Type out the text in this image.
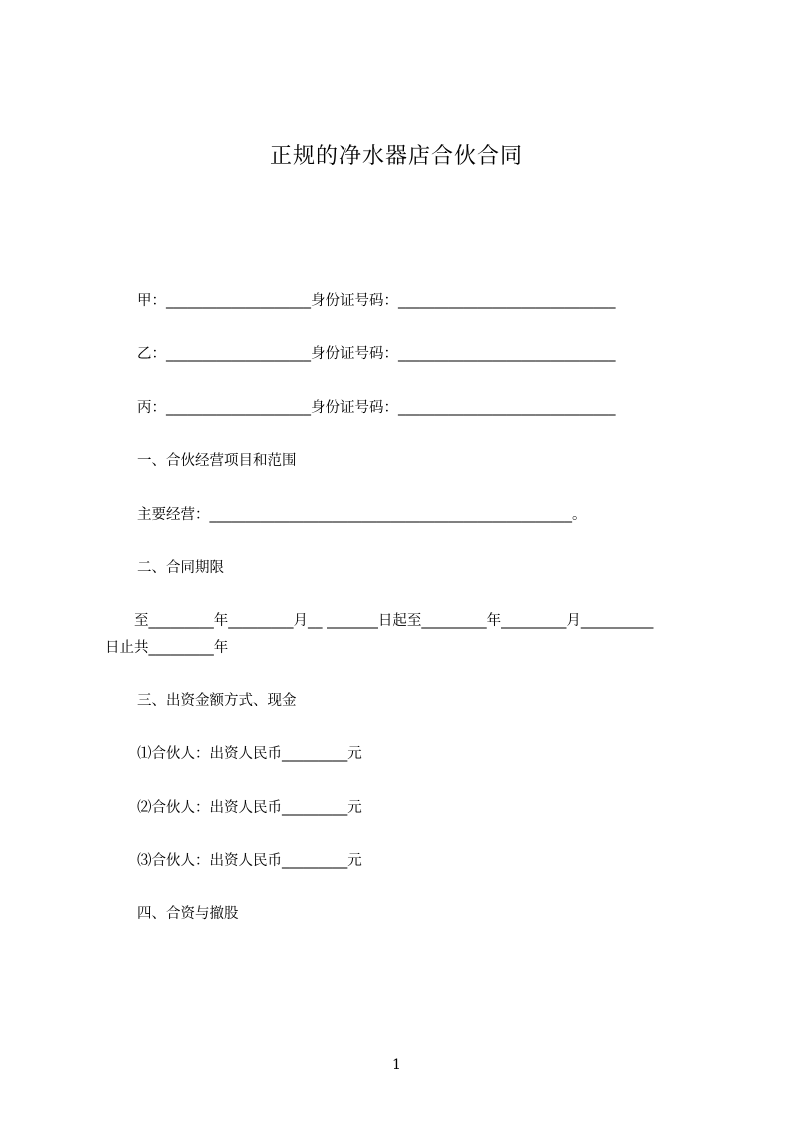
正规的净水器店合伙合同
甲：____________________身份证号码：______________________________
乙：____________________身份证号码：______________________________
丙：____________________身份证号码：______________________________
一、合伙经营项目和范围
主要经营：__________________________________________________。
二、合同期限
至_________年_________月__ _______日起至_________年_________月__________
日止共_________年
三、出资金额方式、现金
⑴合伙人：出资人民币_________元
⑵合伙人：出资人民币_________元
⑶合伙人：出资人民币_________元
四、合资与撤股
1
